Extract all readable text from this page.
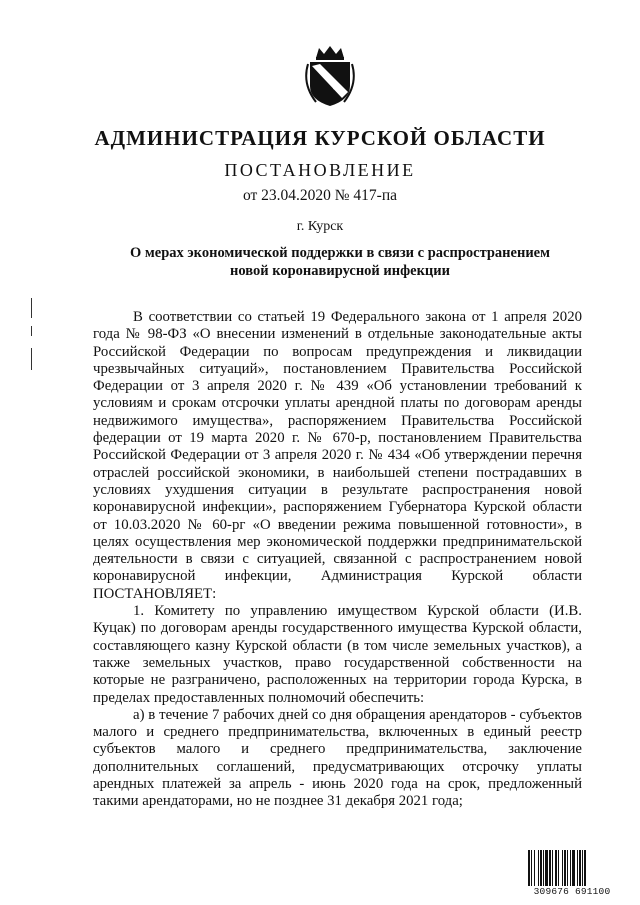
АДМИНИСТРАЦИЯ КУРСКОЙ ОБЛАСТИ
ПОСТАНОВЛЕНИЕ
от 23.04.2020 № 417-па
г. Курск
О мерах экономической поддержки в связи с распространением новой коронавирусной инфекции

В соответствии со статьей 19 Федерального закона от 1 апреля 2020 года № 98-ФЗ «О внесении изменений в отдельные законодательные акты Российской Федерации по вопросам предупреждения и ликвидации чрезвычайных ситуаций», постановлением Правительства Российской Федерации от 3 апреля 2020 г. № 439 «Об установлении требований к условиям и срокам отсрочки уплаты арендной платы по договорам аренды недвижимого имущества», распоряжением Правительства Российской федерации от 19 марта 2020 г. № 670-р, постановлением Правительства Российской Федерации от 3 апреля 2020 г. № 434 «Об утверждении перечня отраслей российской экономики, в наибольшей степени пострадавших в условиях ухудшения ситуации в результате распространения новой коронавирусной инфекции», распоряжением Губернатора Курской области от 10.03.2020 № 60-рг «О введении режима повышенной готовности», в целях осуществления мер экономической поддержки предпринимательской деятельности в связи с ситуацией, связанной с распространением новой коронавирусной инфекции, Администрация Курской области ПОСТАНОВЛЯЕТ:

1. Комитету по управлению имуществом Курской области (И.В. Куцак) по договорам аренды государственного имущества Курской области, составляющего казну Курской области (в том числе земельных участков), а также земельных участков, право государственной собственности на которые не разграничено, расположенных на территории города Курска, в пределах предоставленных полномочий обеспечить:

а) в течение 7 рабочих дней со дня обращения арендаторов - субъектов малого и среднего предпринимательства, включенных в единый реестр субъектов малого и среднего предпринимательства, заключение дополнительных соглашений, предусматривающих отсрочку уплаты арендных платежей за апрель - июнь 2020 года на срок, предложенный такими арендаторами, но не позднее 31 декабря 2021 года;

309676 691100
